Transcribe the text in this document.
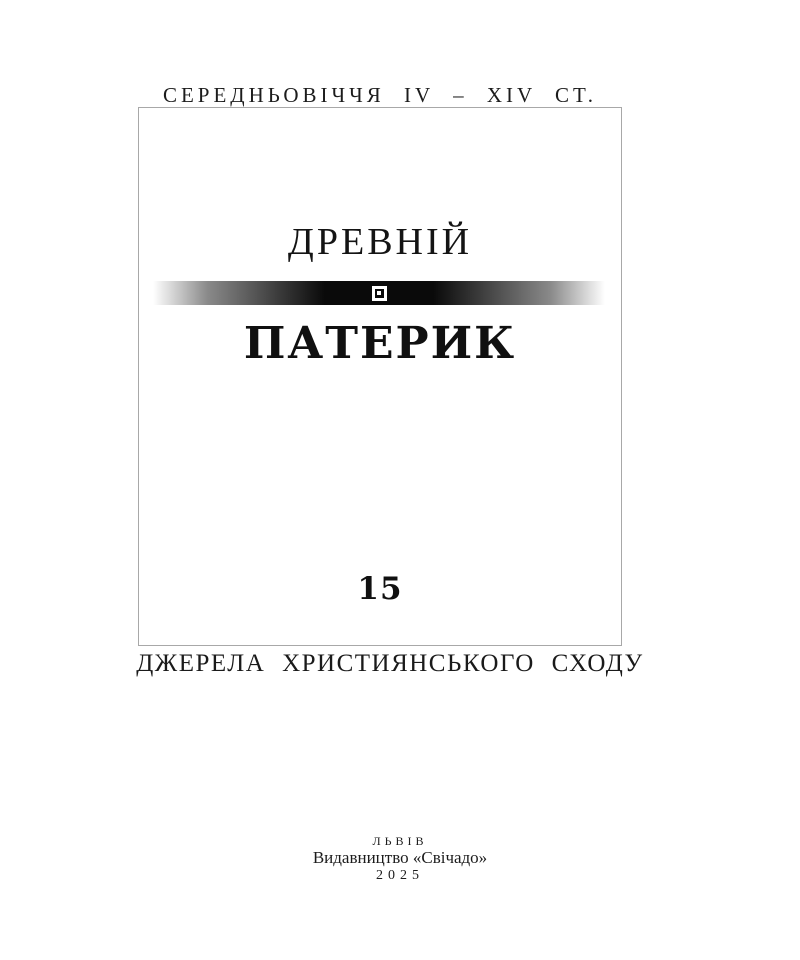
СЕРЕДНЬОВІЧЧЯ IV – XIV СТ.
ДРЕВНІЙ
ПАТЕРИК
15
ДЖЕРЕЛА ХРИСТИЯНСЬКОГО СХОДУ
ЛЬВІВ
Видавництво «Свічадо»
2025
